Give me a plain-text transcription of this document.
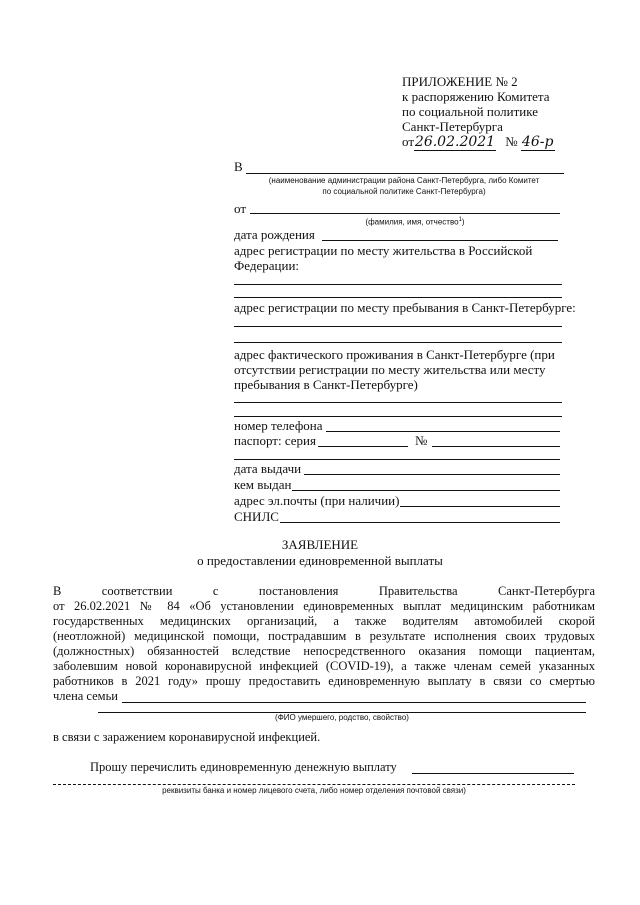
ПРИЛОЖЕНИЕ № 2
к распоряжению Комитета
по социальной политике
Санкт-Петербурга
от26.02.2021 № 46-р
В
(наименование администрации района Санкт-Петербурга, либо Комитет
по социальной политике Санкт-Петербурга)
от
(фамилия, имя, отчество$^1$)
дата рождения
адрес регистрации по месту жительства в Российской
Федерации:
адрес регистрации по месту пребывания в Санкт-Петербурге:
адрес фактического проживания в Санкт-Петербурге (при
отсутствии регистрации по месту жительства или месту
пребывания в Санкт-Петербурге)
номер телефона
паспорт: серия	№
дата выдачи
кем выдан
адрес эл.почты (при наличии)
СНИЛС
ЗАЯВЛЕНИЕ
о предоставлении единовременной выплаты
В соответствии с постановления Правительства Санкт-Петербурга
от 26.02.2021 № 84 «Об установлении единовременных выплат медицинским работникам
государственных медицинских организаций, а также водителям автомобилей скорой
(неотложной) медицинской помощи, пострадавшим в результате исполнения своих трудовых
(должностных) обязанностей вследствие непосредственного оказания помощи пациентам,
заболевшим новой коронавирусной инфекцией (COVID-19), а также членам семей указанных
работников в 2021 году» прошу предоставить единовременную выплату в связи со смертью
члена семьи
(ФИО умершего, родство, свойство)
в связи с заражением коронавирусной инфекцией.
Прошу перечислить единовременную денежную выплату
реквизиты банка и номер лицевого счета, либо номер отделения почтовой связи)
